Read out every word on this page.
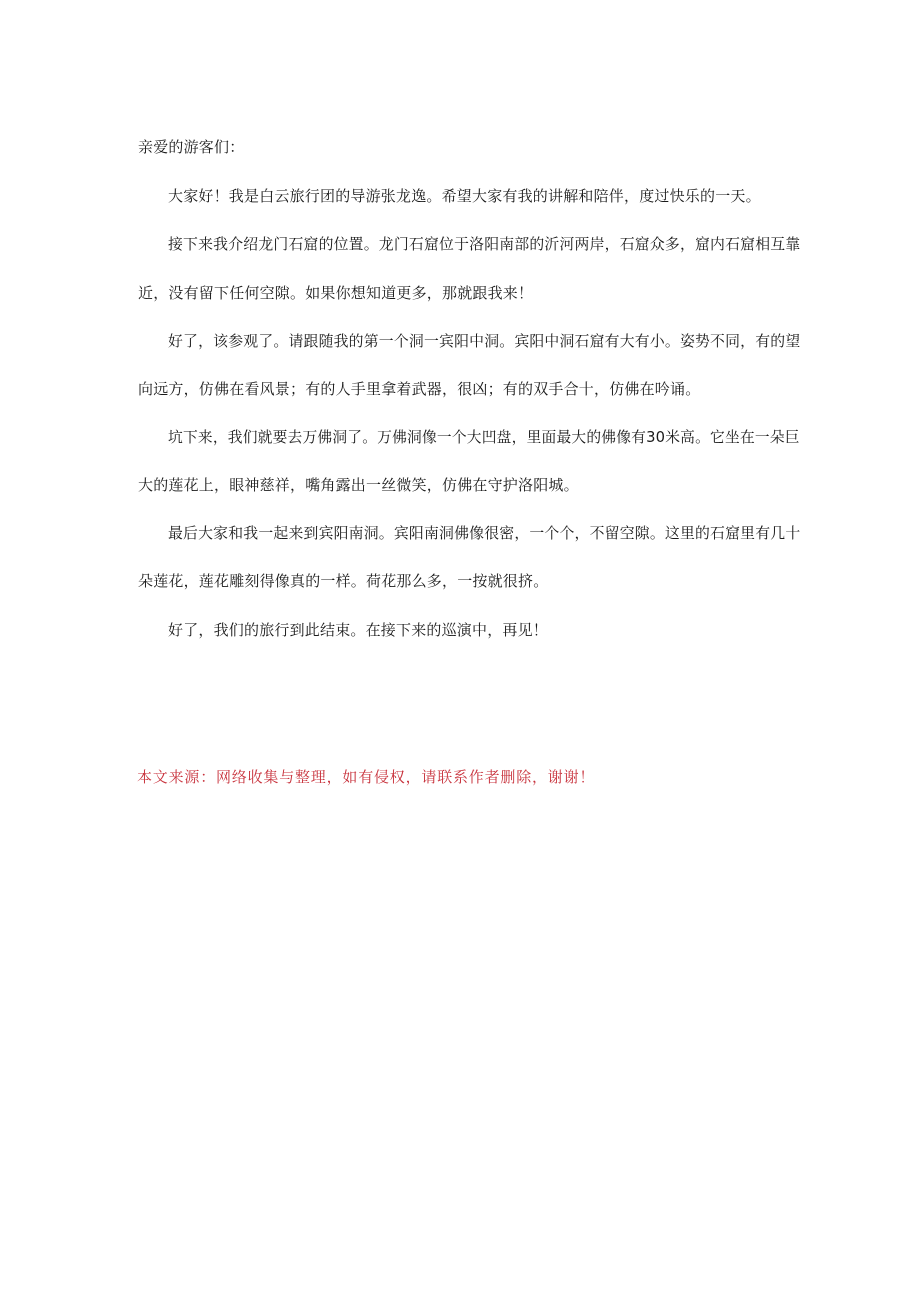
亲爱的游客们：
大家好！我是白云旅行团的导游张龙逸。希望大家有我的讲解和陪伴，度过快乐的一天。
接下来我介绍龙门石窟的位置。龙门石窟位于洛阳南部的沂河两岸，石窟众多，窟内石窟相互靠
近，没有留下任何空隙。如果你想知道更多，那就跟我来！
好了，该参观了。请跟随我的第一个洞一宾阳中洞。宾阳中洞石窟有大有小。姿势不同，有的望
向远方，仿佛在看风景；有的人手里拿着武器，很凶；有的双手合十，仿佛在吟诵。
坑下来，我们就要去万佛洞了。万佛洞像一个大凹盘，里面最大的佛像有30米高。它坐在一朵巨
大的莲花上，眼神慈祥，嘴角露出一丝微笑，仿佛在守护洛阳城。
最后大家和我一起来到宾阳南洞。宾阳南洞佛像很密，一个个，不留空隙。这里的石窟里有几十
朵莲花，莲花雕刻得像真的一样。荷花那么多，一按就很挤。
好了，我们的旅行到此结束。在接下来的巡演中，再见！
本文来源：网络收集与整理，如有侵权，请联系作者删除，谢谢！
